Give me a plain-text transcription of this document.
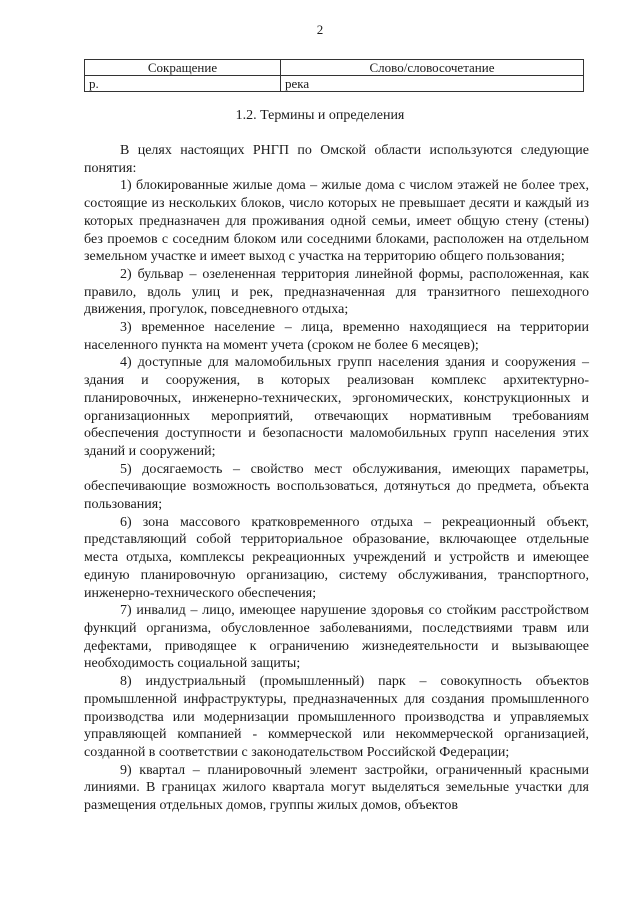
2
Сокращение	Слово/словосочетание
р.	река
1.2. Термины и определения

В целях настоящих РНГП по Омской области используются следующие понятия:

1) блокированные жилые дома – жилые дома с числом этажей не более трех, состоящие из нескольких блоков, число которых не превышает десяти и каждый из которых предназначен для проживания одной семьи, имеет общую стену (стены) без проемов с соседним блоком или соседними блоками, расположен на отдельном земельном участке и имеет выход с участка на территорию общего пользования;

2) бульвар – озелененная территория линейной формы, расположенная, как правило, вдоль улиц и рек, предназначенная для транзитного пешеходного движения, прогулок, повседневного отдыха;

3) временное население – лица, временно находящиеся на территории населенного пункта на момент учета (сроком не более 6 месяцев);

4) доступные для маломобильных групп населения здания и сооружения – здания и сооружения, в которых реализован комплекс архитектурно-планировочных, инженерно-технических, эргономических, конструкционных и организационных мероприятий, отвечающих нормативным требованиям обеспечения доступности и безопасности маломобильных групп населения этих зданий и сооружений;

5) досягаемость – свойство мест обслуживания, имеющих параметры, обеспечивающие возможность воспользоваться, дотянуться до предмета, объекта пользования;

6) зона массового кратковременного отдыха – рекреационный объект, представляющий собой территориальное образование, включающее отдельные места отдыха, комплексы рекреационных учреждений и устройств и имеющее единую планировочную организацию, систему обслуживания, транспортного, инженерно-технического обеспечения;

7) инвалид – лицо, имеющее нарушение здоровья со стойким расстройством функций организма, обусловленное заболеваниями, последствиями травм или дефектами, приводящее к ограничению жизнедеятельности и вызывающее необходимость социальной защиты;

8) индустриальный (промышленный) парк – совокупность объектов промышленной инфраструктуры, предназначенных для создания промышленного производства или модернизации промышленного производства и управляемых управляющей компанией - коммерческой или некоммерческой организацией, созданной в соответствии с законодательством Российской Федерации;

9) квартал – планировочный элемент застройки, ограниченный красными линиями. В границах жилого квартала могут выделяться земельные участки для размещения отдельных домов, группы жилых домов, объектов
